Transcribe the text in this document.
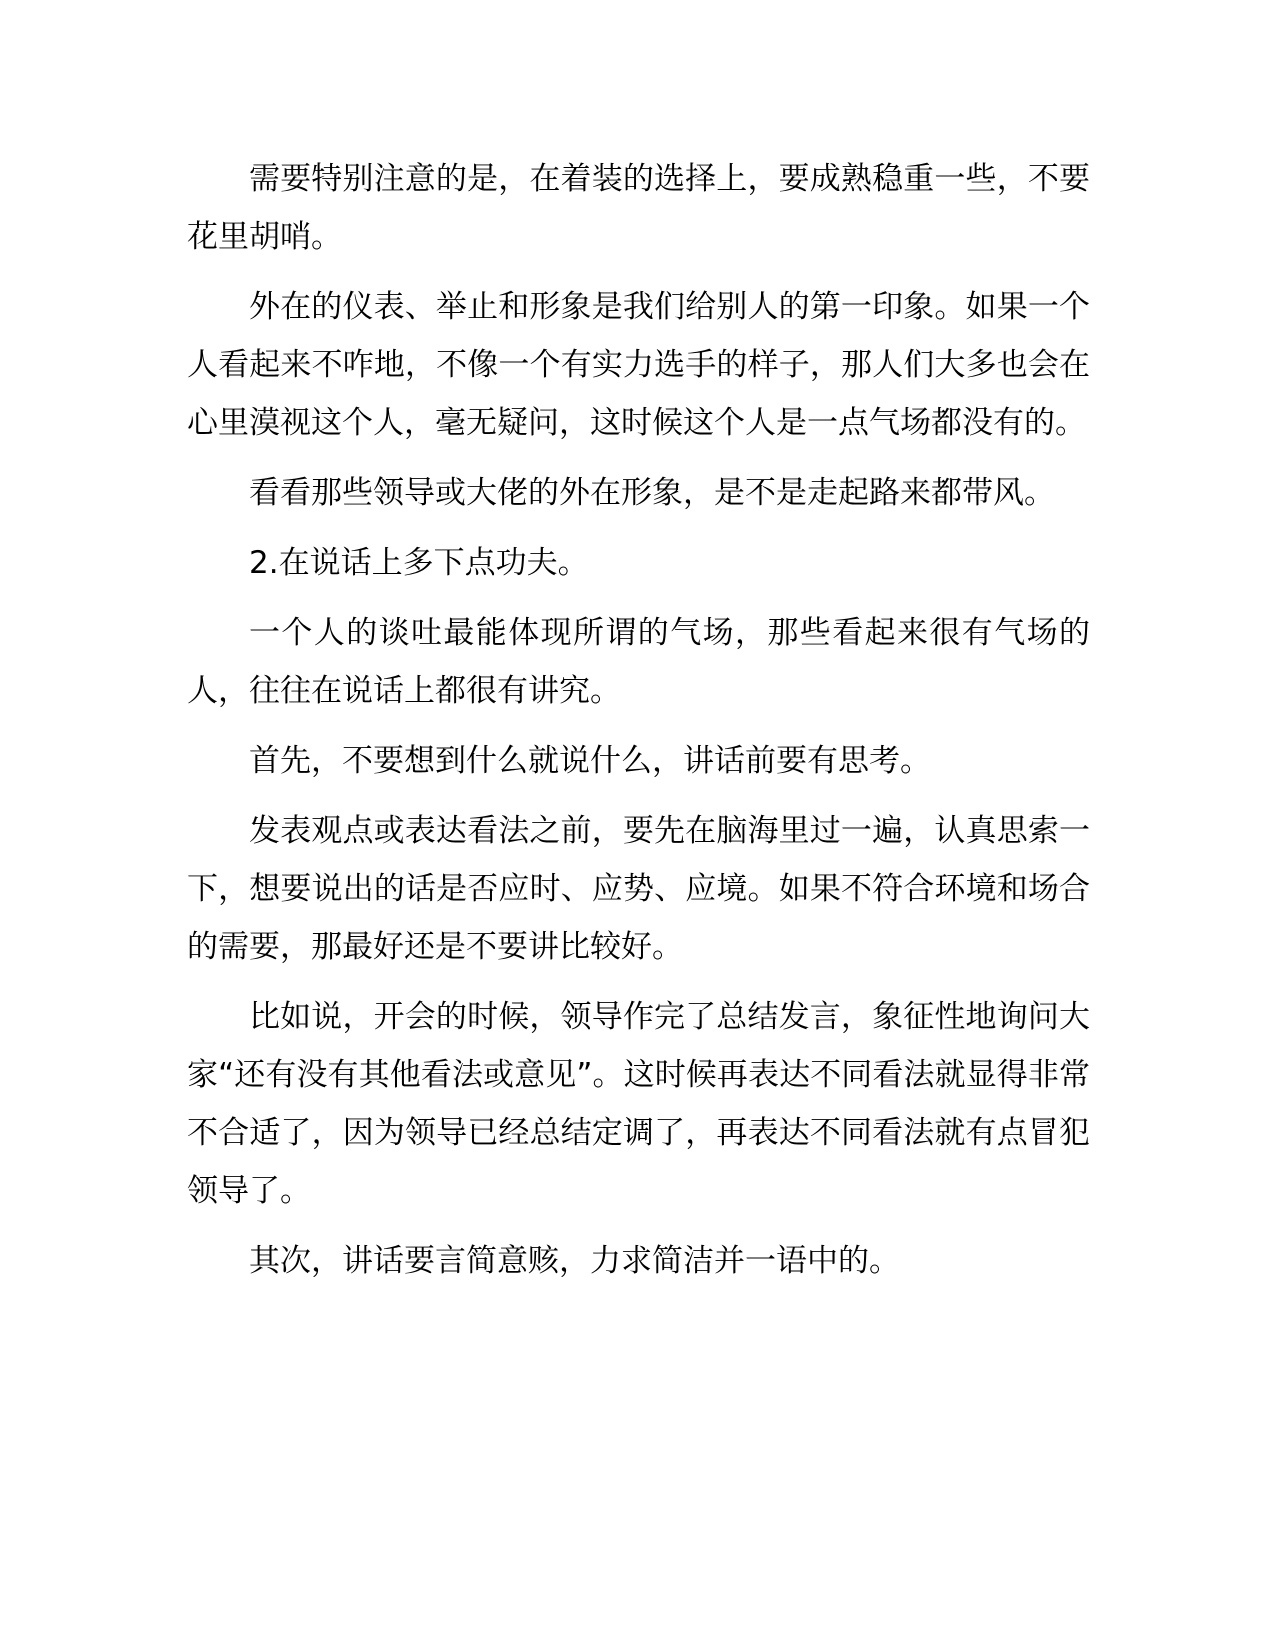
需要特别注意的是，在着装的选择上，要成熟稳重一些，不要花里胡哨。

外在的仪表、举止和形象是我们给别人的第一印象。如果一个人看起来不咋地，不像一个有实力选手的样子，那人们大多也会在心里漠视这个人，毫无疑问，这时候这个人是一点气场都没有的。

看看那些领导或大佬的外在形象，是不是走起路来都带风。

2.在说话上多下点功夫。

一个人的谈吐最能体现所谓的气场，那些看起来很有气场的人，往往在说话上都很有讲究。

首先，不要想到什么就说什么，讲话前要有思考。

发表观点或表达看法之前，要先在脑海里过一遍，认真思索一下，想要说出的话是否应时、应势、应境。如果不符合环境和场合的需要，那最好还是不要讲比较好。

比如说，开会的时候，领导作完了总结发言，象征性地询问大家“还有没有其他看法或意见”。这时候再表达不同看法就显得非常不合适了，因为领导已经总结定调了，再表达不同看法就有点冒犯领导了。

其次，讲话要言简意赅，力求简洁并一语中的。
